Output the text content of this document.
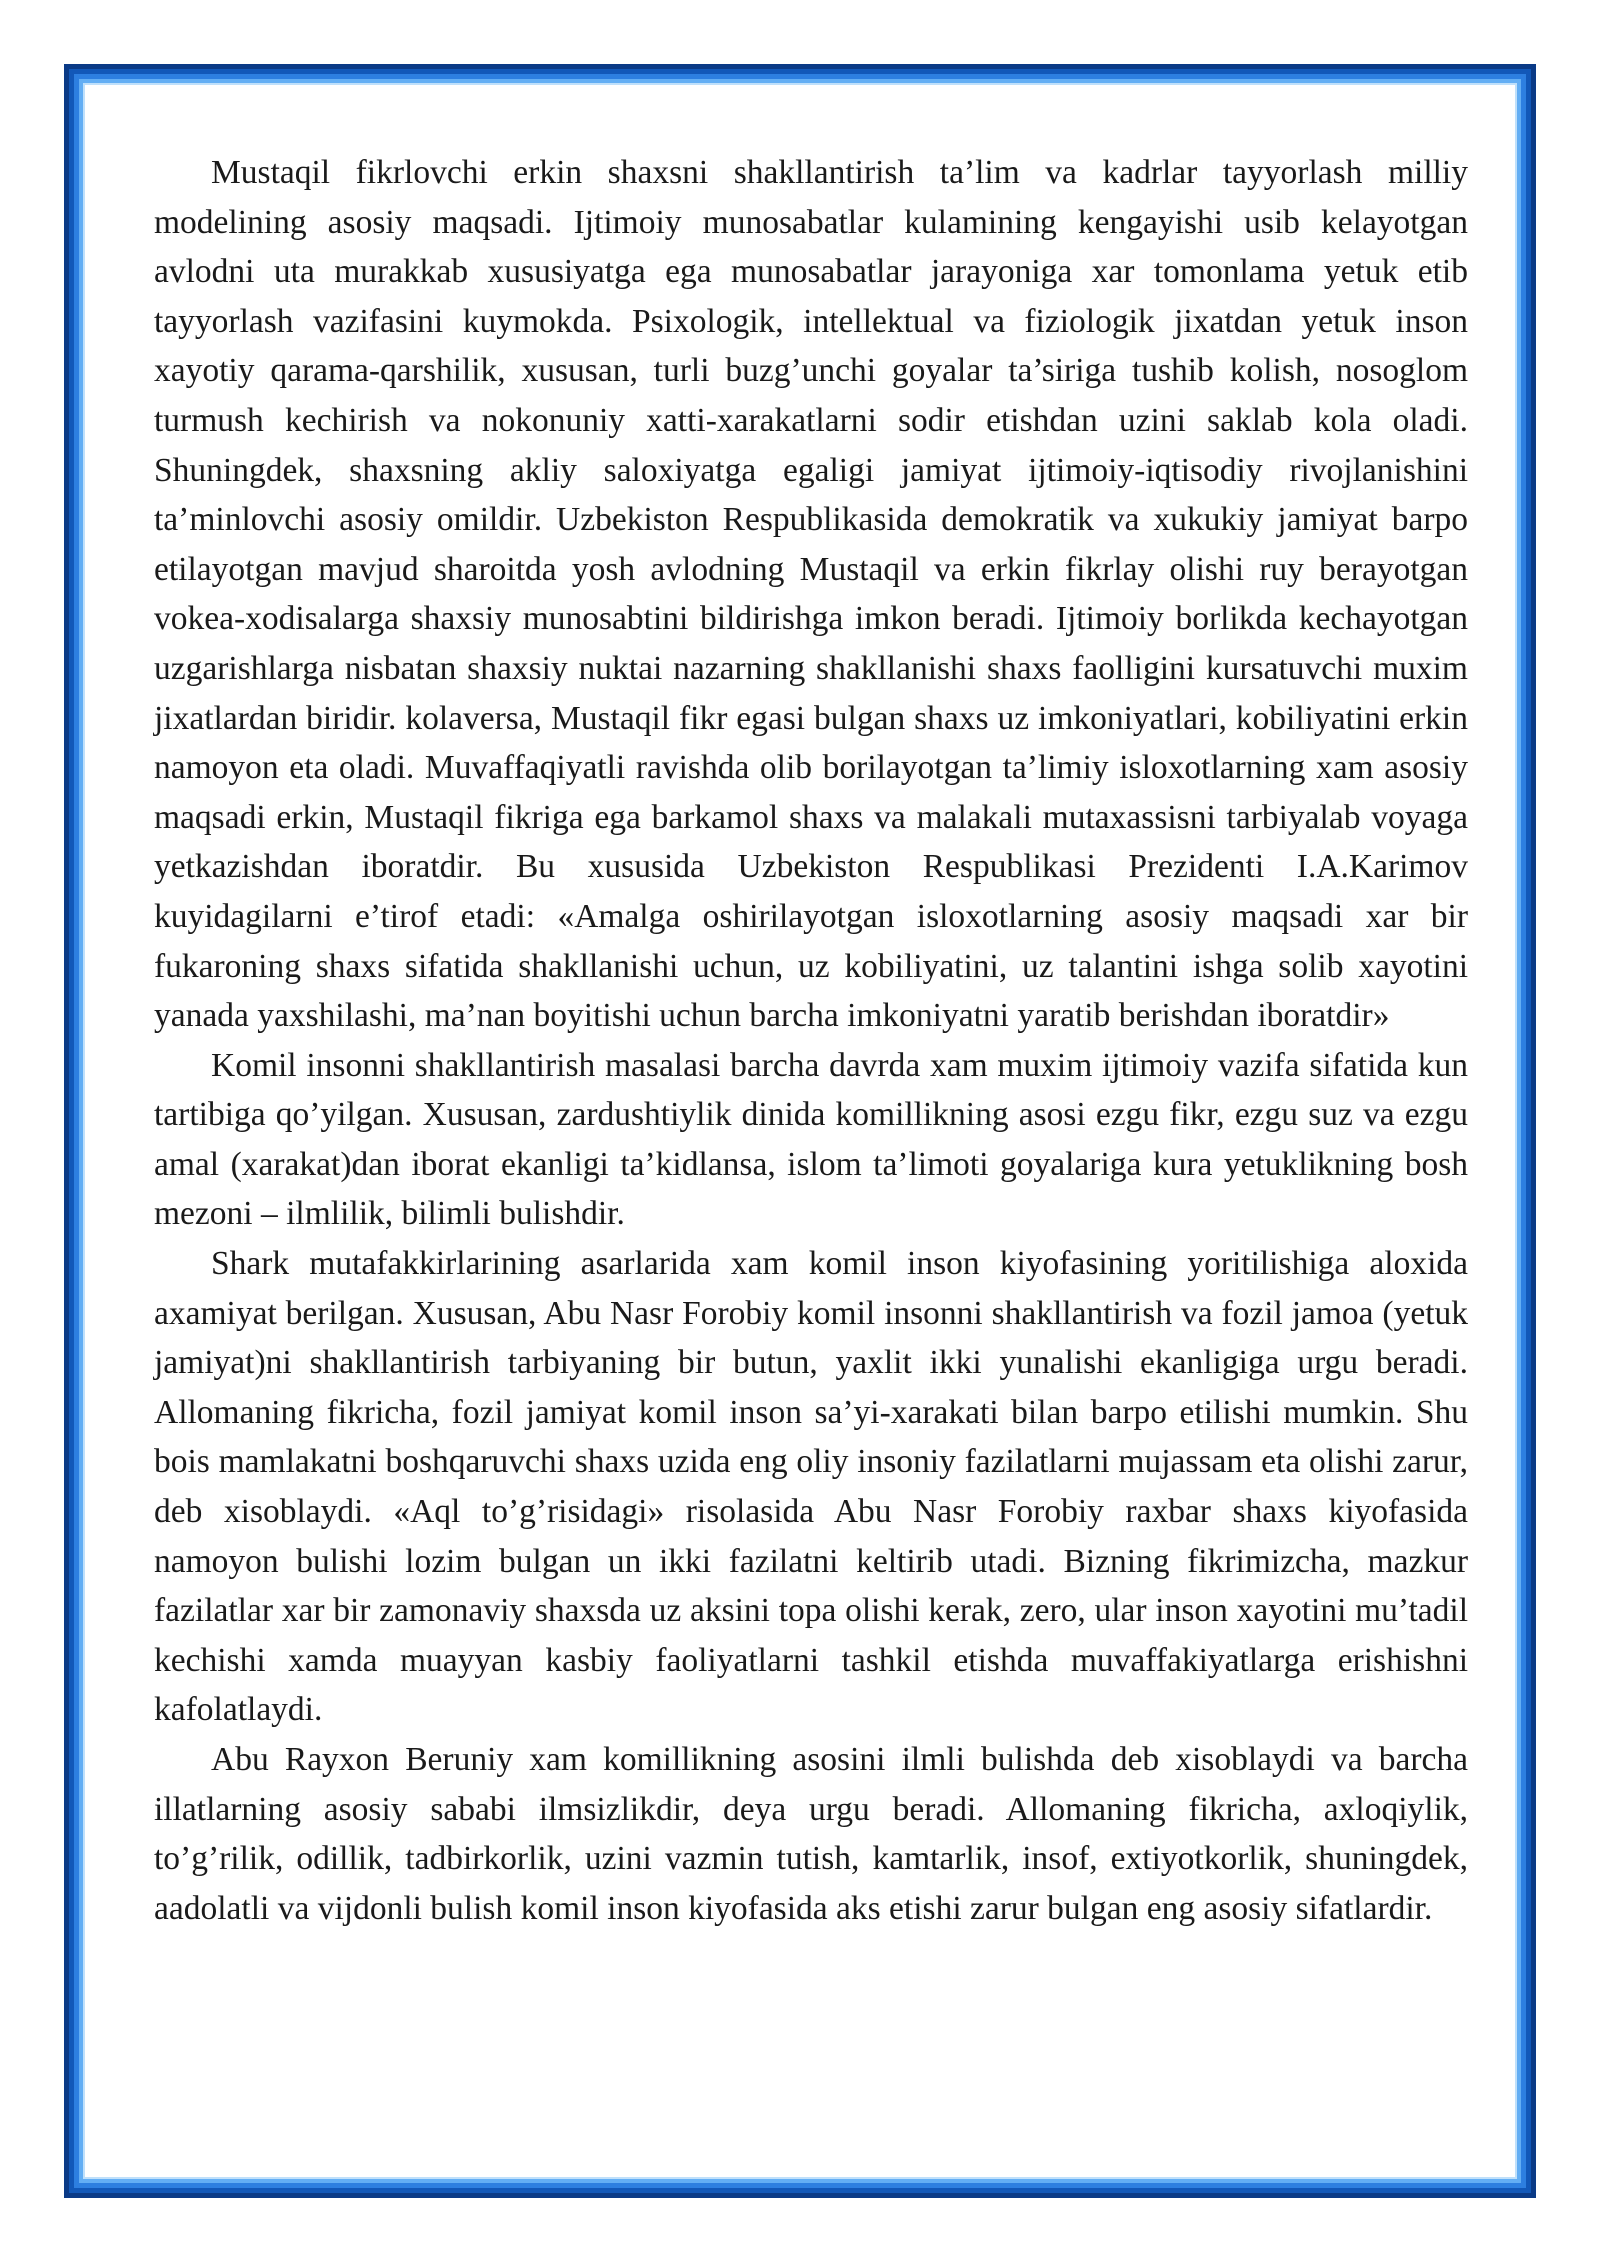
Mustaqil fikrlovchi erkin shaxsni shakllantirish ta’lim va kadrlar tayyorlash milliy modelining asosiy maqsadi. Ijtimoiy munosabatlar kulamining kengayishi usib kelayotgan avlodni uta murakkab xususiyatga ega munosabatlar jarayoniga xar tomonlama yetuk etib tayyorlash vazifasini kuymokda. Psixologik, intellektual va fiziologik jixatdan yetuk inson xayotiy qarama-qarshilik, xususan, turli buzg’unchi goyalar ta’siriga tushib kolish, nosoglom turmush kechirish va nokonuniy xatti-xarakatlarni sodir etishdan uzini saklab kola oladi. Shuningdek, shaxsning akliy saloxiyatga egaligi jamiyat ijtimoiy-iqtisodiy rivojlanishini ta’minlovchi asosiy omildir. Uzbekiston Respublikasida demokratik va xukukiy jamiyat barpo etilayotgan mavjud sharoitda yosh avlodning Mustaqil va erkin fikrlay olishi ruy berayotgan vokea-xodisalarga shaxsiy munosabtini bildirishga imkon beradi. Ijtimoiy borlikda kechayotgan uzgarishlarga nisbatan shaxsiy nuktai nazarning shakllanishi shaxs faolligini kursatuvchi muxim jixatlardan biridir. kolaversa, Mustaqil fikr egasi bulgan shaxs uz imkoniyatlari, kobiliyatini erkin namoyon eta oladi. Muvaffaqiyatli ravishda olib borilayotgan ta’limiy isloxotlarning xam asosiy maqsadi erkin, Mustaqil fikriga ega barkamol shaxs va malakali mutaxassisni tarbiyalab voyaga yetkazishdan iboratdir. Bu xususida Uzbekiston Respublikasi Prezidenti I.A.Karimov kuyidagilarni e’tirof etadi: «Amalga oshirilayotgan isloxotlarning asosiy maqsadi xar bir fukaroning shaxs sifatida shakllanishi uchun, uz kobiliyatini, uz talantini ishga solib xayotini yanada yaxshilashi, ma’nan boyitishi uchun barcha imkoniyatni yaratib berishdan iboratdir»

Komil insonni shakllantirish masalasi barcha davrda xam muxim ijtimoiy vazifa sifatida kun tartibiga qo’yilgan. Xususan, zardushtiylik dinida komillikning asosi ezgu fikr, ezgu suz va ezgu amal (xarakat)dan iborat ekanligi ta’kidlansa, islom ta’limoti goyalariga kura yetuklikning bosh mezoni – ilmlilik, bilimli bulishdir.

Shark mutafakkirlarining asarlarida xam komil inson kiyofasining yoritilishiga aloxida axamiyat berilgan. Xususan, Abu Nasr Forobiy komil insonni shakllantirish va fozil jamoa (yetuk jamiyat)ni shakllantirish tarbiyaning bir butun, yaxlit ikki yunalishi ekanligiga urgu beradi. Allomaning fikricha, fozil jamiyat komil inson sa’yi-xarakati bilan barpo etilishi mumkin. Shu bois mamlakatni boshqaruvchi shaxs uzida eng oliy insoniy fazilatlarni mujassam eta olishi zarur, deb xisoblaydi. «Aql to’g’risidagi» risolasida Abu Nasr Forobiy raxbar shaxs kiyofasida namoyon bulishi lozim bulgan un ikki fazilatni keltirib utadi. Bizning fikrimizcha, mazkur fazilatlar xar bir zamonaviy shaxsda uz aksini topa olishi kerak, zero, ular inson xayotini mu’tadil kechishi xamda muayyan kasbiy faoliyatlarni tashkil etishda muvaffakiyatlarga erishishni kafolatlaydi.

Abu Rayxon Beruniy xam komillikning asosini ilmli bulishda deb xisoblaydi va barcha illatlarning asosiy sababi ilmsizlikdir, deya urgu beradi. Allomaning fikricha, axloqiylik, to’g’rilik, odillik, tadbirkorlik, uzini vazmin tutish, kamtarlik, insof, extiyotkorlik, shuningdek, aadolatli va vijdonli bulish komil inson kiyofasida aks etishi zarur bulgan eng asosiy sifatlardir.
